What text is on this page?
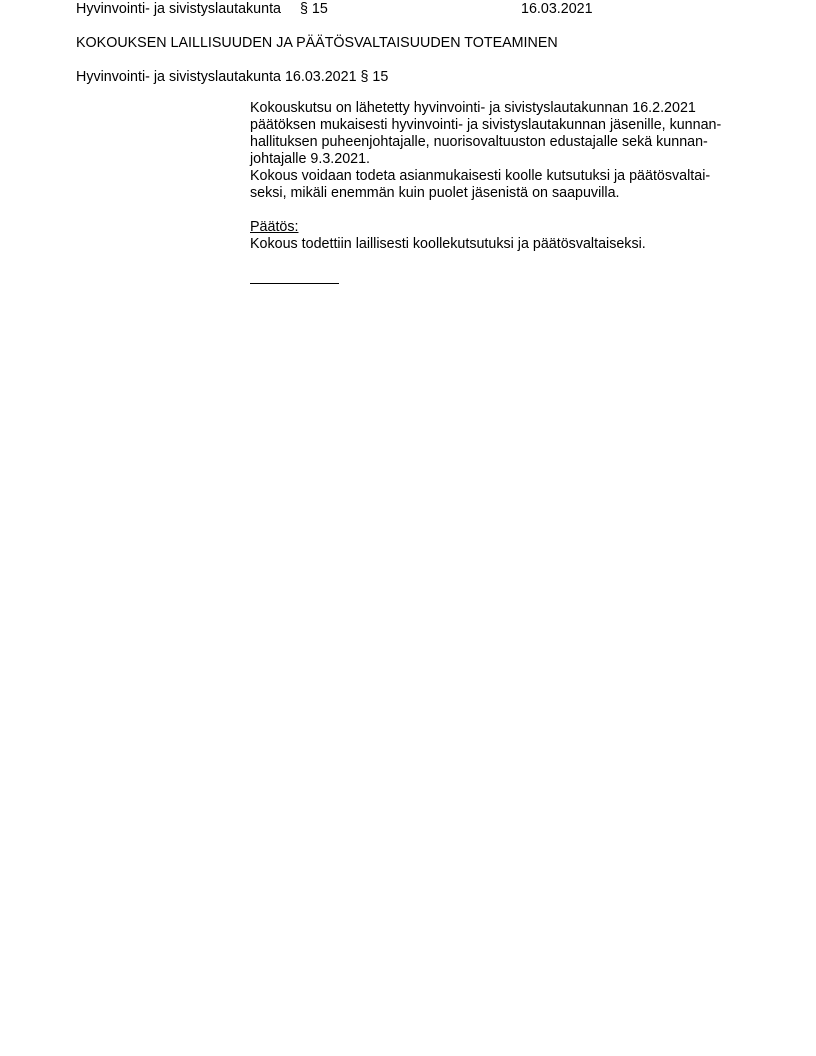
Hyvinvointi- ja sivistyslautakunta § 15	16.03.2021
KOKOUKSEN LAILLISUUDEN JA PÄÄTÖSVALTAISUUDEN TOTEAMINEN
Hyvinvointi- ja sivistyslautakunta 16.03.2021 § 15

Kokouskutsu on lähetetty hyvinvointi- ja sivistyslautakunnan 16.2.2021
päätöksen mukaisesti hyvinvointi- ja sivistyslautakunnan jäsenille, kunnan-
hallituksen puheenjohtajalle, nuorisovaltuuston edustajalle sekä kunnan-
johtajalle 9.3.2021.
Kokous voidaan todeta asianmukaisesti koolle kutsutuksi ja päätösvaltai-
seksi, mikäli enemmän kuin puolet jäsenistä on saapuvilla.

Päätös:
Kokous todettiin laillisesti koollekutsutuksi ja päätösvaltaiseksi.
